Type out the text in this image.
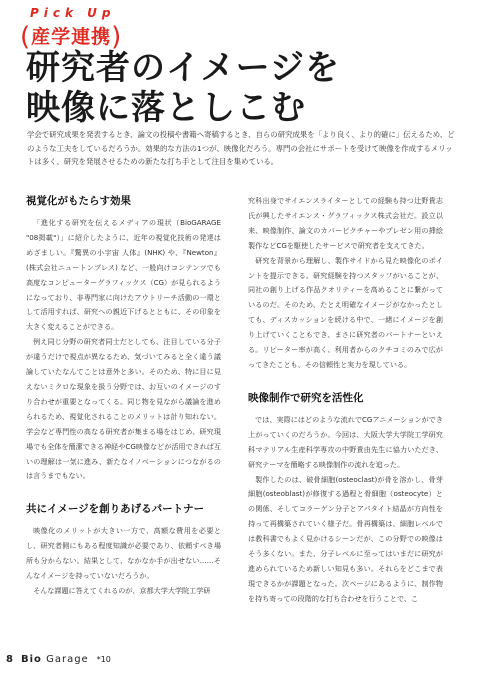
Pick Up
(産学連携)
研究者のイメージを
映像に落としこむ
学会で研究成果を発表するとき、論文の投稿や書籍へ寄稿するとき、自らの研究成果を「より良く、より的確に」伝えるため、どのような工夫をしているだろうか。効果的な方法の1つが、映像化だろう。専門の会社にサポートを受けて映像を作成するメリットは多く、研究を発展させるための新たな打ち手として注目を集めている。
視覚化がもたらす効果

「進化する研究を伝えるメディアの現状（BioGARAGE "08掲載"）」に紹介したように、近年の視覚化技術の発達はめざましい。『驚異の小宇宙 人体』(NHK) や、『Newton』(株式会社ニュートンプレス) など、一般向けコンテンツでも高度なコンピューターグラフィックス（CG）が見られるようになっており、非専門家に向けたアウトリーチ活動の一環として活用すれば、研究への親近下げるとともに、その印象を大きく変えることができる。

例え同じ分野の研究者同士だとしても、注目している分子が違うだけで視点が異なるため、気づいてみると全く違う議論していたなんてことは意外と多い。そのため、特に目に見えないミクロな現象を扱う分野では、お互いのイメージのすり合わせが重要となってくる。同じ物を見ながら議論を進められるため、視覚化されることのメリットは計り知れない。学会など専門性の高なる研究者が集まる場をはじめ、研究現場でも全体を簡潔できる神経やCG映像などが活用できれば互いの理解は一気に進み、新たなイノベーションにつながるのは言うまでもない。

共にイメージを創りあげるパートナー

映像化のメリットが大きい一方で、高額な費用を必要とし、研究者側にもある程度知識が必要であり、依頼すべき場所も分からない。結果として、なかなか手が出せない……そんなイメージを持っていないだろうか。

そんな課題に答えてくれるのが、京都大学大学院工学研

究科出身でサイエンスライターとしての経験も持つ辻野貴志氏が興したサイエンス・グラフィックス株式会社だ。設立以来、映像制作、論文のカバーピクチャーやプレゼン用の挿絵製作などCGを駆使したサービスで研究者を支えてきた。

研究を背景から理解し、製作サイドから見た映像化のポイントを提示できる。研究経験を持つスタッフがいることが、同社の創り上げる作品クオリティーを高めることに繋がっているのだ。そのため、たとえ明確なイメージがなかったとしても、ディスカッションを続ける中で、一緒にイメージを創り上げていくこともでき、まさに研究者のパートナーといえる。リピーター率が高く、利用者からのクチコミのみで広がってきたことも、その信頼性と実力を現している。

映像制作で研究を活性化

では、実際にはどのような流れでCGアニメーションができ上がっていくのだろうか。今回は、大阪大学大学院工学研究科マテリアル生産科学専攻の中野貴由先生に協力いただき、研究テーマを簡略する映像制作の流れを追った。

製作したのは、破骨細胞(osteoclast)が骨を溶かし、骨芽細胞(osteoblast)が修復する過程と骨細胞（osteocyte）との関係、そしてコラーゲン分子とアパタイト結晶が方向性を持って再構築されていく様子だ。骨再構築は、細胞レベルでは教科書でもよく見かけるシーンだが、この分野での映像はそう多くない。また、分子レベルに至ってはいまだに研究が進められているため新しい知見も多い。それらをどこまで表現できるかが課題となった。次ページにあるように、制作物を持ち寄っての段階的な打ち合わせを行うことで、こ

8 Bio Garage *10
